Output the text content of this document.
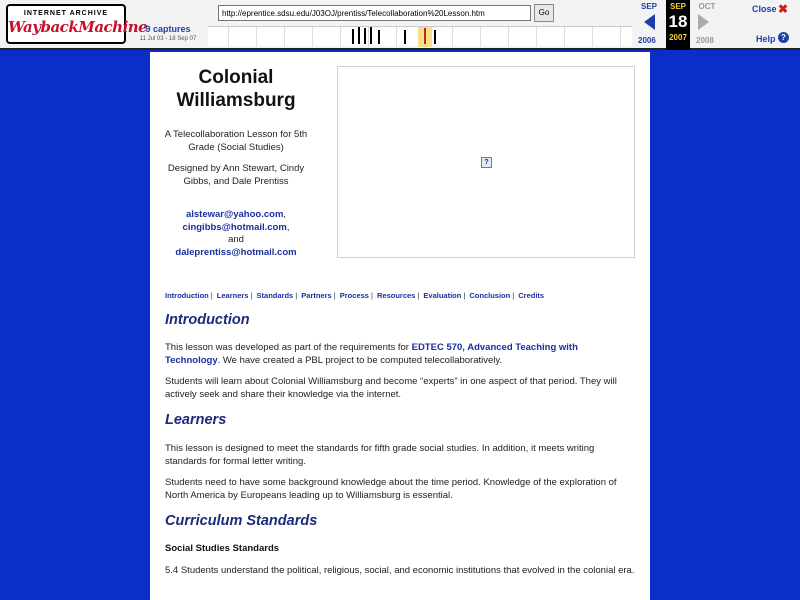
INTERNET ARCHIVE
WaybackMachine
9 captures
11 Jul 03 - 18 Sep 07
http://eprentice.sdsu.edu/J03OJ/prentiss/Telecollaboration%20Lesson.htm	Go
SEP
2006
SEP
18
2007
OCT
2008
Close ✖
Help ?
Colonial
Williamsburg
A Telecollaboration Lesson for 5th Grade (Social Studies)
Designed by Ann Stewart, Cindy Gibbs, and Dale Prentiss
alstewar@yahoo.com,
cingibbs@hotmail.com,
and
daleprentiss@hotmail.com
?
Introduction | Learners | Standards | Partners | Process | Resources | Evaluation | Conclusion | Credits
Introduction
This lesson was developed as part of the requirements for EDTEC 570, Advanced Teaching with Technology. We have created a PBL project to be computed telecollaboratively.
Students will learn about Colonial Williamsburg and become “experts” in one aspect of that period. They will actively seek and share their knowledge via the internet.
Learners
This lesson is designed to meet the standards for fifth grade social studies. In addition, it meets writing standards for formal letter writing.
Students need to have some background knowledge about the time period. Knowledge of the exploration of North America by Europeans leading up to Williamsburg is essential.
Curriculum Standards
Social Studies Standards
5.4 Students understand the political, religious, social, and economic institutions that evolved in the colonial era.
